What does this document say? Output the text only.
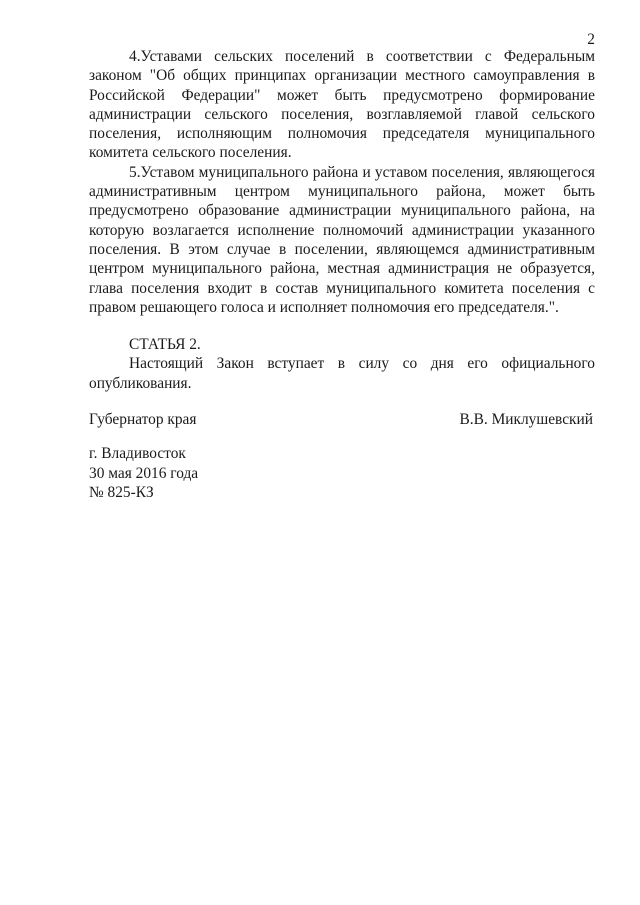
2

4.Уставами сельских поселений в соответствии с Федеральным законом "Об общих принципах организации местного самоуправления в Российской Федерации" может быть предусмотрено формирование администрации сельского поселения, возглавляемой главой сельского поселения, исполняющим полномочия председателя муниципального комитета сельского поселения.

5.Уставом муниципального района и уставом поселения, являющегося административным центром муниципального района, может быть предусмотрено образование администрации муниципального района, на которую возлагается исполнение полномочий администрации указанного поселения. В этом случае в поселении, являющемся административным центром муниципального района, местная администрация не образуется, глава поселения входит в состав муниципального комитета поселения с правом решающего голоса и исполняет полномочия его председателя.".

СТАТЬЯ 2.

Настоящий Закон вступает в силу со дня его официального опубликования.

Губернатор края	В.В. Миклушевский
г. Владивосток
30 мая 2016 года
№ 825-КЗ
